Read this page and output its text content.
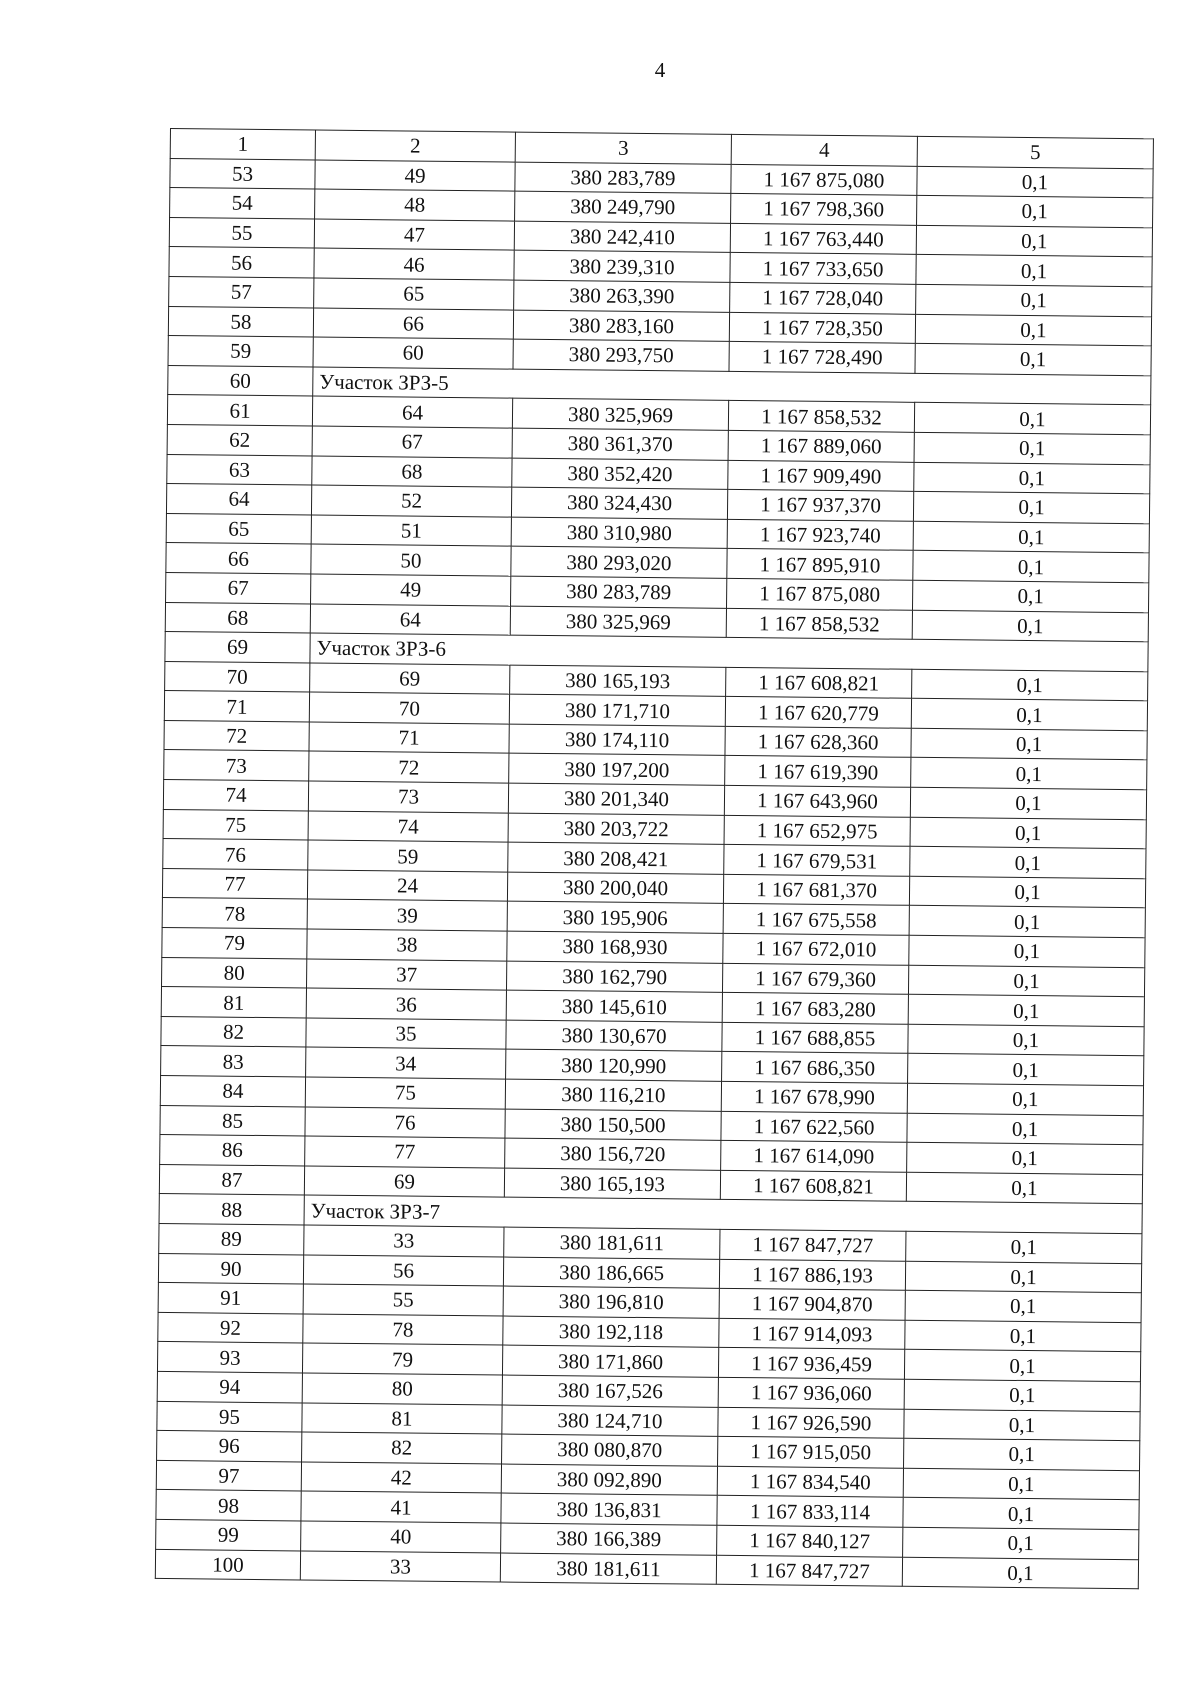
4
1	2	3	4	5
53	49	380 283,789	1 167 875,080	0,1
54	48	380 249,790	1 167 798,360	0,1
55	47	380 242,410	1 167 763,440	0,1
56	46	380 239,310	1 167 733,650	0,1
57	65	380 263,390	1 167 728,040	0,1
58	66	380 283,160	1 167 728,350	0,1
59	60	380 293,750	1 167 728,490	0,1
60	Участок ЗРЗ-5			
61	64	380 325,969	1 167 858,532	0,1
62	67	380 361,370	1 167 889,060	0,1
63	68	380 352,420	1 167 909,490	0,1
64	52	380 324,430	1 167 937,370	0,1
65	51	380 310,980	1 167 923,740	0,1
66	50	380 293,020	1 167 895,910	0,1
67	49	380 283,789	1 167 875,080	0,1
68	64	380 325,969	1 167 858,532	0,1
69	Участок ЗРЗ-6			
70	69	380 165,193	1 167 608,821	0,1
71	70	380 171,710	1 167 620,779	0,1
72	71	380 174,110	1 167 628,360	0,1
73	72	380 197,200	1 167 619,390	0,1
74	73	380 201,340	1 167 643,960	0,1
75	74	380 203,722	1 167 652,975	0,1
76	59	380 208,421	1 167 679,531	0,1
77	24	380 200,040	1 167 681,370	0,1
78	39	380 195,906	1 167 675,558	0,1
79	38	380 168,930	1 167 672,010	0,1
80	37	380 162,790	1 167 679,360	0,1
81	36	380 145,610	1 167 683,280	0,1
82	35	380 130,670	1 167 688,855	0,1
83	34	380 120,990	1 167 686,350	0,1
84	75	380 116,210	1 167 678,990	0,1
85	76	380 150,500	1 167 622,560	0,1
86	77	380 156,720	1 167 614,090	0,1
87	69	380 165,193	1 167 608,821	0,1
88	Участок ЗРЗ-7			
89	33	380 181,611	1 167 847,727	0,1
90	56	380 186,665	1 167 886,193	0,1
91	55	380 196,810	1 167 904,870	0,1
92	78	380 192,118	1 167 914,093	0,1
93	79	380 171,860	1 167 936,459	0,1
94	80	380 167,526	1 167 936,060	0,1
95	81	380 124,710	1 167 926,590	0,1
96	82	380 080,870	1 167 915,050	0,1
97	42	380 092,890	1 167 834,540	0,1
98	41	380 136,831	1 167 833,114	0,1
99	40	380 166,389	1 167 840,127	0,1
100	33	380 181,611	1 167 847,727	0,1
